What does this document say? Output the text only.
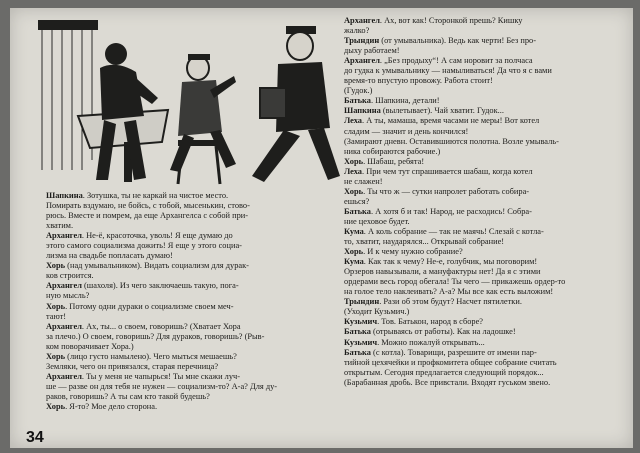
Шапкина. Зотушка, ты не каркай на чистое место.
Помирать вздумаю, не бойсь, с тобой, мысенькин, стово-
рюсь. Вместе и помрем, да еще Архангелса с собой при-
хватим.
Архангел. Не-ё, красоточка, уволь! Я еще думаю до
этого самого социализма дожить! Я еще у этого социа-
лизма на свадьбе попласать думаю!
Хорь (над умывальником). Видать социализм для дурак-
ков строится.
Архангел (шахоля). Из чего заключаешь такую, пога-
ную мысль?
Хорь. Потому одни дураки о социализме своем меч-
тают!
Архангел. Ах, ты... о своем, говоришь? (Хватает Хорa
за плечо.) О своем, говоришь? Для дураков, говоришь? (Рыв-
ком поворачивает Хорa.)
Хорь (лицо густо намылено). Чего мыться мешаешь?
Земляки, чего он привязался, старая перечница?
Архангел. Ты у меня не чапырься! Ты мне скажи луч-
ше — разве он для тебя не нужен — социализм-то? А-а? Для ду-
раков, говоришь? А ты сам кто такой будешь?
Хорь. Я-то? Мое дело сторона.
Архангел. Ах, вот как! Сторонкой прешь? Кишку
жалко?
Трындин (от умывальника). Ведь как черти! Без про-
дыху работаем!
Архангел. „Без продыху“! А сам норовит за полчаса
до гудка к умывальнику — намыливаться! Да что я с вами
время-то впустую провожу. Работа стоит!
(Гудок.)
Батька. Шапкина, детали!
Шапкина (вылетывает). Чай хватит. Гудок...
Леха. А ты, мамаша, время часами не меры! Вот котел
сладим — значит и день кончился!
(Замирают дневн. Оставившиются полотна. Возле умываль-
ника собираются рабочие.)
Хорь. Шабаш, ребята!
Леха. При чем тут спрашивается шабаш, когда котел
не слажен!
Хорь. Ты что ж — сутки напролет работать собира-
ешься?
Батька. А хотя б и так! Народ, не расходись! Собра-
ние цеховое будет.
Кума. А коль собрание — так не маячь! Слезай с котла-
то, хватит, нaударялся... Открывай собрание!
Хорь. И к чему нужно собрание?
Кума. Как так к чему? Не-е, голубчик, мы поговорим!
Орзеров навызывали, а мануфактуры нет! Да я с этими
ордерами весь город обегала! Ты чего — прикажешь ордер-то
на голое тело наклеивать? А-а? Мы все как есть выложим!
Трындин. Рази об этом будут? Насчет пятилетки.
(Уходит Кузьмич.)
Кузьмич. Тов. Батькон, народ в сборе?
Батька (отрываясь от работы). Как на ладошке!
Кузьмич. Можно пожалуй открывать...
Батька (с котла). Товарищи, разрешите от имени пар-
тийной цехячейки и профкомитета общее собрание считать
открытым. Сегодня предлагается следующий порядок...
(Барабанная дробь. Все привстали. Входят гуськом звено.
34
